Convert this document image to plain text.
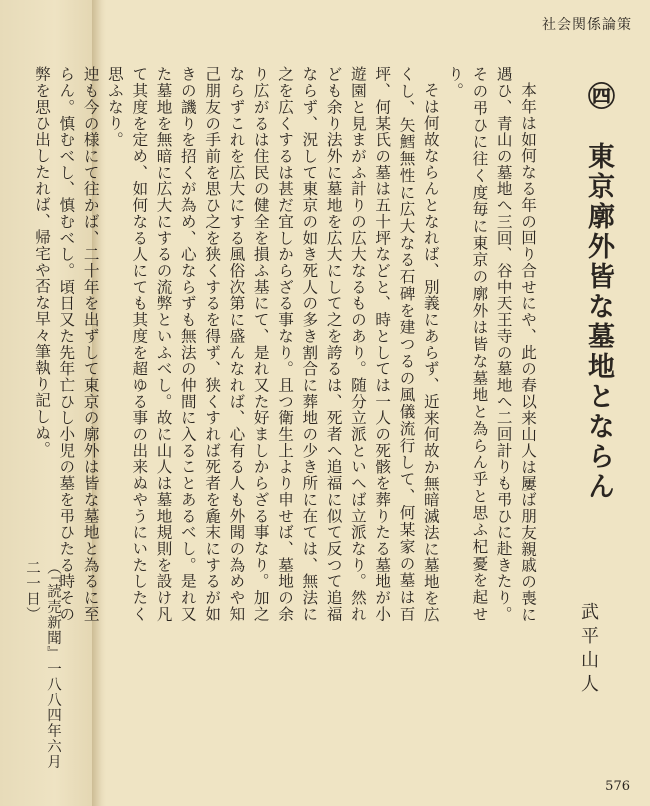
社会関係論策
㊃　東京廓外皆な墓地とならん
武平山人

本年は如何なる年の回り合せにや、此の春以来山人は屢ば朋友親戚の喪に遇ひ、青山の墓地へ三回、谷中天王寺の墓地へ二回計りも弔ひに赴きたり。その弔ひに往く度毎に東京の廓外は皆な墓地と為らん乎と思ふ杞憂を起せり。

そは何故ならんとなれば、別義にあらず、近来何故か無暗滅法に墓地を広くし、矢鱈無性に広大なる石碑を建つるの風儀流行して、何某家の墓は百坪、何某氏の墓は五十坪などと、時としては一人の死骸を葬りたる墓地が小遊園と見まがふ計りの広大なるものあり。随分立派といへば立派なり。然れども余り法外に墓地を広大にして之を誇るは、死者へ追福に似て反つて追福ならず、況して東京の如き死人の多き割合に葬地の少き所に在ては、無法に之を広くするは甚だ宜しからざる事なり。且つ衛生上より申せば、墓地の余り広がるは住民の健全を損ふ基にて、是れ又た好ましからざる事なり。加之ならずこれを広大にする風俗次第に盛んなれば、心有る人も外聞の為めや知己朋友の手前を思ひ之を狭くするを得ず、狭くすれば死者を麁末にするが如きの譏りを招くが為め、心ならずも無法の仲間に入ることあるべし。是れ又た墓地を無暗に広大にするの流弊といふべし。故に山人は墓地規則を設け凡て其度を定め、如何なる人にても其度を超ゆる事の出来ぬやうにいたしたく思ふなり。

迚も今の様にて往かば、二十年を出ずして東京の廓外は皆な墓地と為るに至らん。慎むべし、慎むべし。頃日又た先年亡ひし小児の墓を弔ひたる時その弊を思ひ出したれば、帰宅や否な早々筆執り記しぬ。

（『読売新聞』一八八四年六月二一日）
576
